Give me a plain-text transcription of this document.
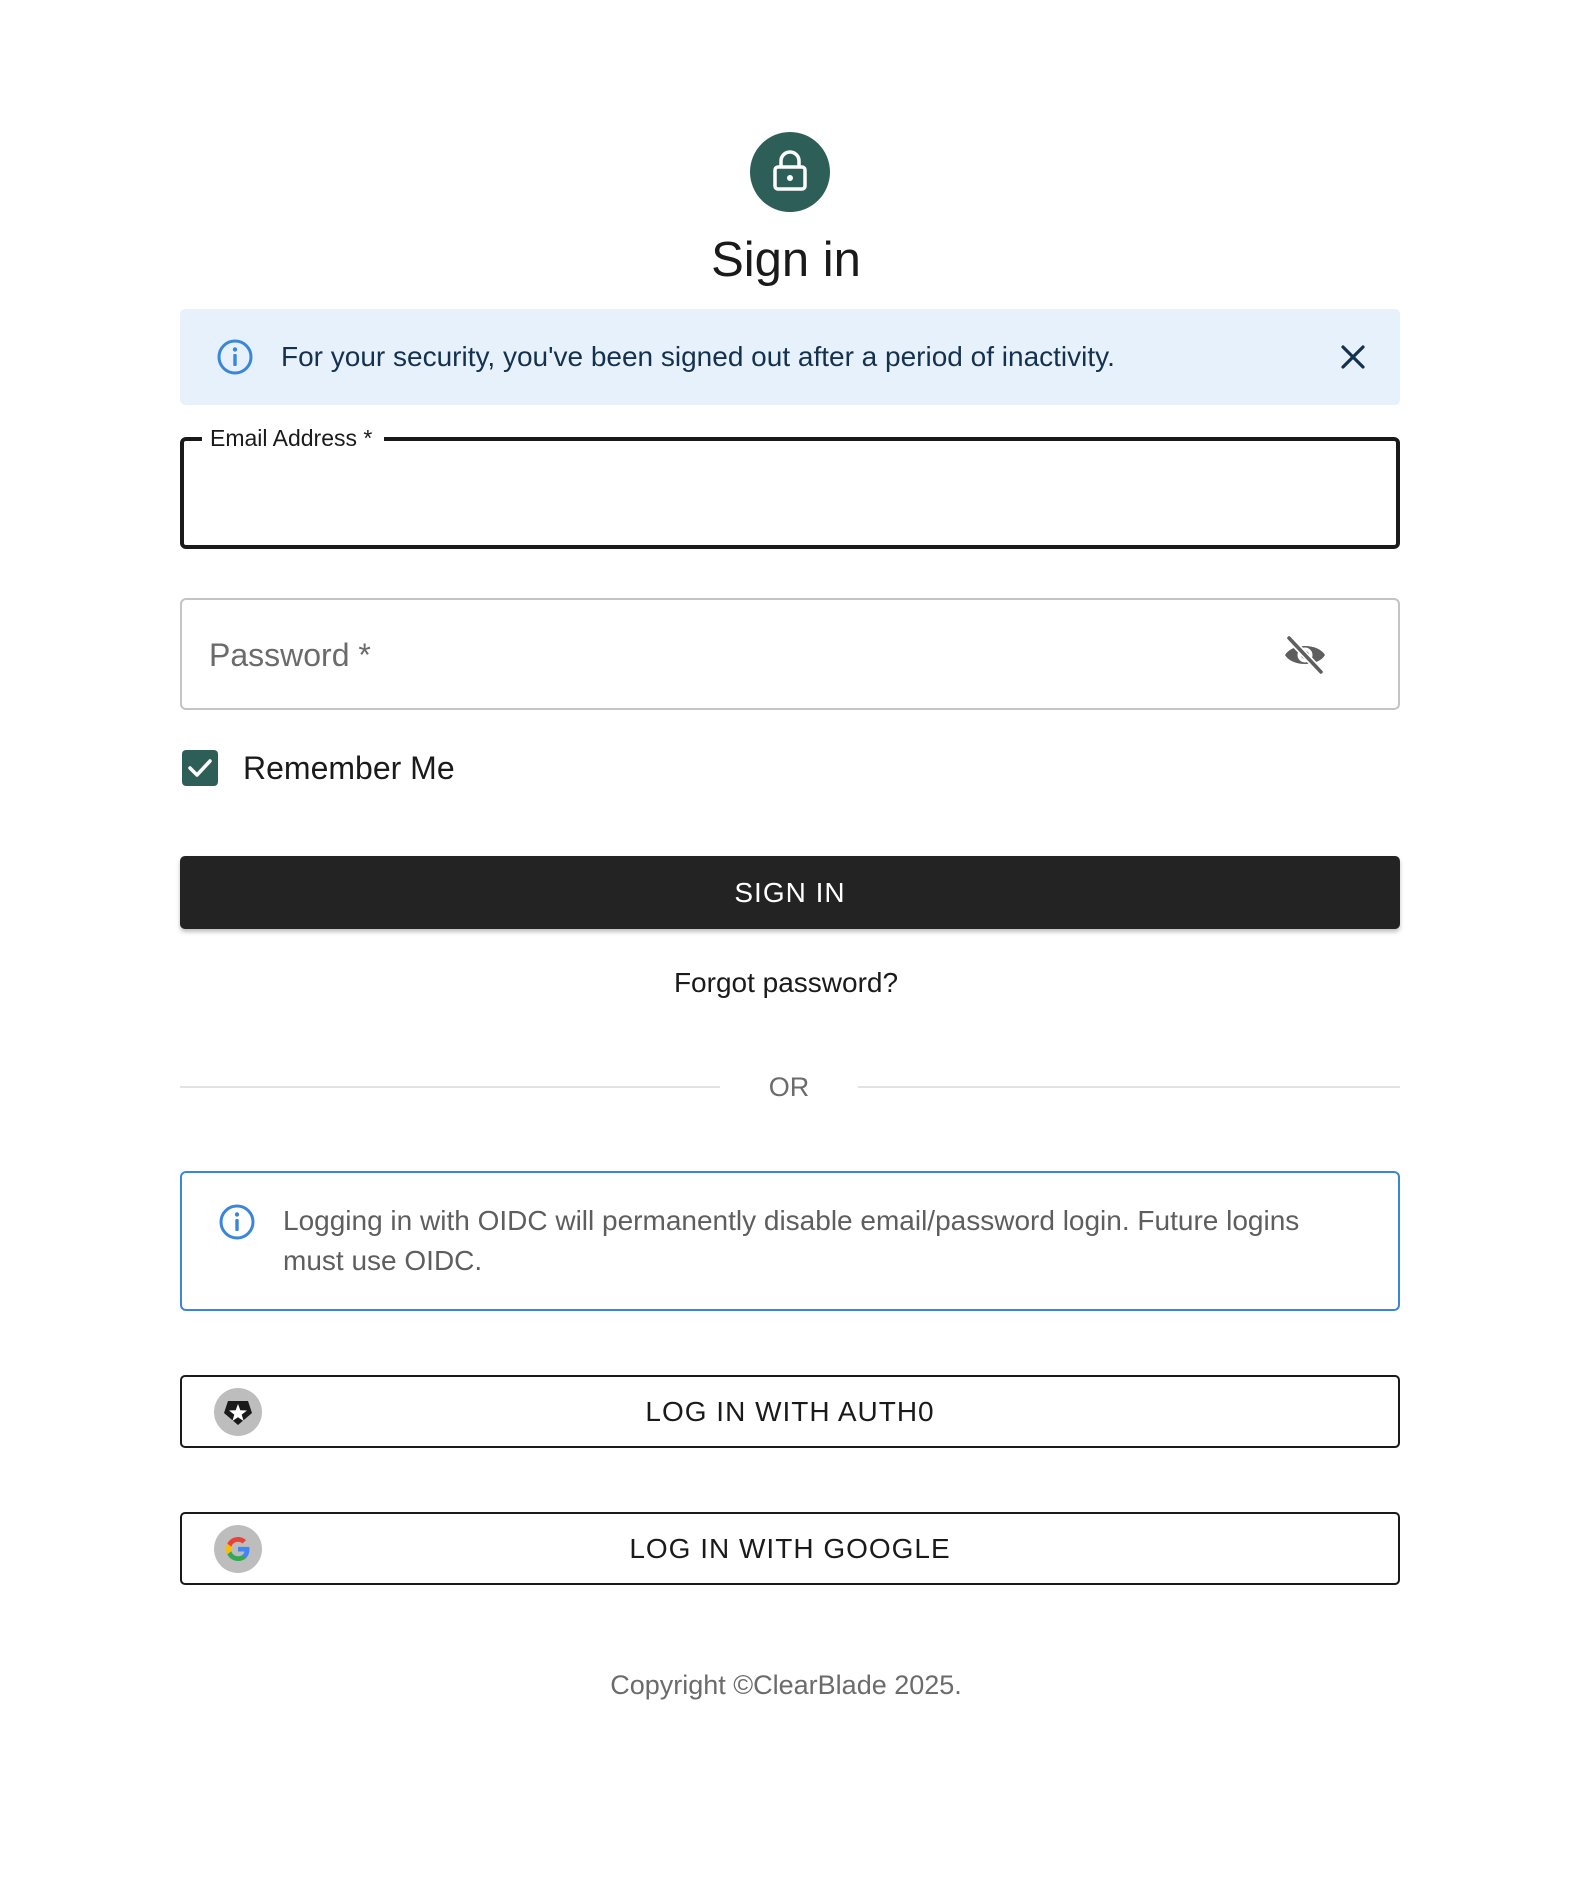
Sign in
For your security, you've been signed out after a period of inactivity.
Email Address *
Password *
Remember Me
SIGN IN
Forgot password?
OR
Logging in with OIDC will permanently disable email/password login. Future logins must use OIDC.
LOG IN WITH AUTH0
LOG IN WITH GOOGLE
Copyright ©ClearBlade 2025.
